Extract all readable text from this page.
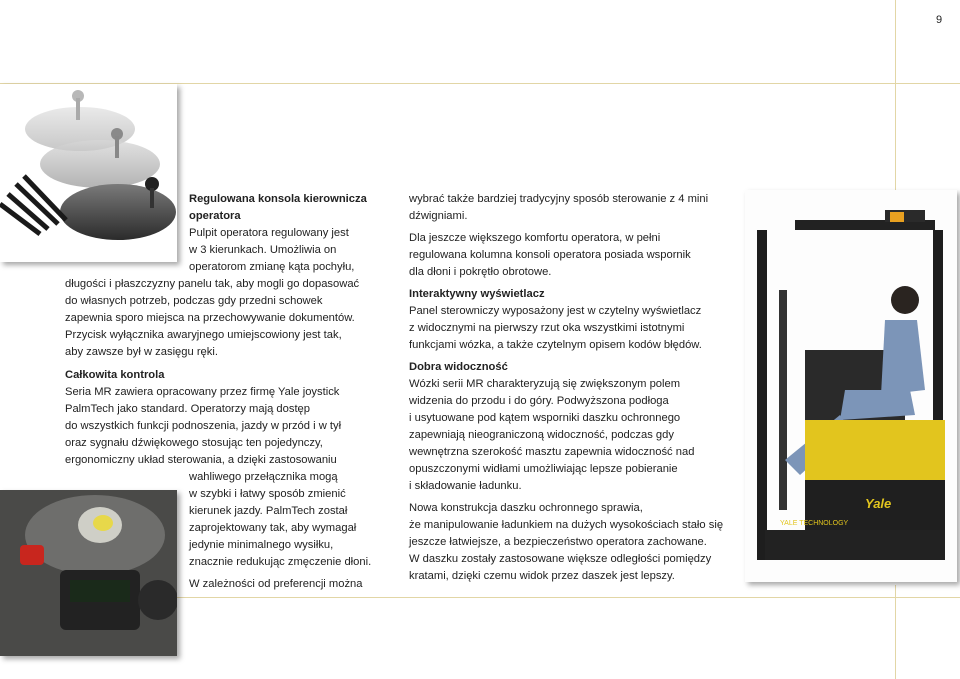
9
Yale
YALE TECHNOLOGY
Regulowana konsola kierownicza
operatora
Pulpit operatora regulowany jest
w 3 kierunkach. Umożliwia on
operatorom zmianę kąta pochyłu,
długości i płaszczyzny panelu tak, aby mogli go dopasować
do własnych potrzeb, podczas gdy przedni schowek
zapewnia sporo miejsca na przechowywanie dokumentów.
Przycisk wyłącznika awaryjnego umiejscowiony jest tak,
aby zawsze był w zasięgu ręki.
Całkowita kontrola
Seria MR zawiera opracowany przez firmę Yale joystick
PalmTech jako standard. Operatorzy mają dostęp
do wszystkich funkcji podnoszenia, jazdy w przód i w tył
oraz sygnału dźwiękowego stosując ten pojedynczy,
ergonomiczny układ sterowania, a dzięki zastosowaniu
wahliwego przełącznika mogą
w szybki i łatwy sposób zmienić
kierunek jazdy. PalmTech został
zaprojektowany tak, aby wymagał
jedynie minimalnego wysiłku,
znacznie redukując zmęczenie dłoni.
W zależności od preferencji można
wybrać także bardziej tradycyjny sposób sterowanie z 4 mini
dźwigniami.
Dla jeszcze większego komfortu operatora, w pełni
regulowana kolumna konsoli operatora posiada wspornik
dla dłoni i pokrętło obrotowe.
Interaktywny wyświetlacz
Panel sterowniczy wyposażony jest w czytelny wyświetlacz
z widocznymi na pierwszy rzut oka wszystkimi istotnymi
funkcjami wózka, a także czytelnym opisem kodów błędów.
Dobra widoczność
Wózki serii MR charakteryzują się zwiększonym polem
widzenia do przodu i do góry. Podwyższona podłoga
i usytuowane pod kątem wsporniki daszku ochronnego
zapewniają nieograniczoną widoczność, podczas gdy
wewnętrzna szerokość masztu zapewnia widoczność nad
opuszczonymi widłami umożliwiając lepsze pobieranie
i składowanie ładunku.
Nowa konstrukcja daszku ochronnego sprawia,
że manipulowanie ładunkiem na dużych wysokościach stało się
jeszcze łatwiejsze, a bezpieczeństwo operatora zachowane.
W daszku zostały zastosowane większe odległości pomiędzy
kratami, dzięki czemu widok przez daszek jest lepszy.
